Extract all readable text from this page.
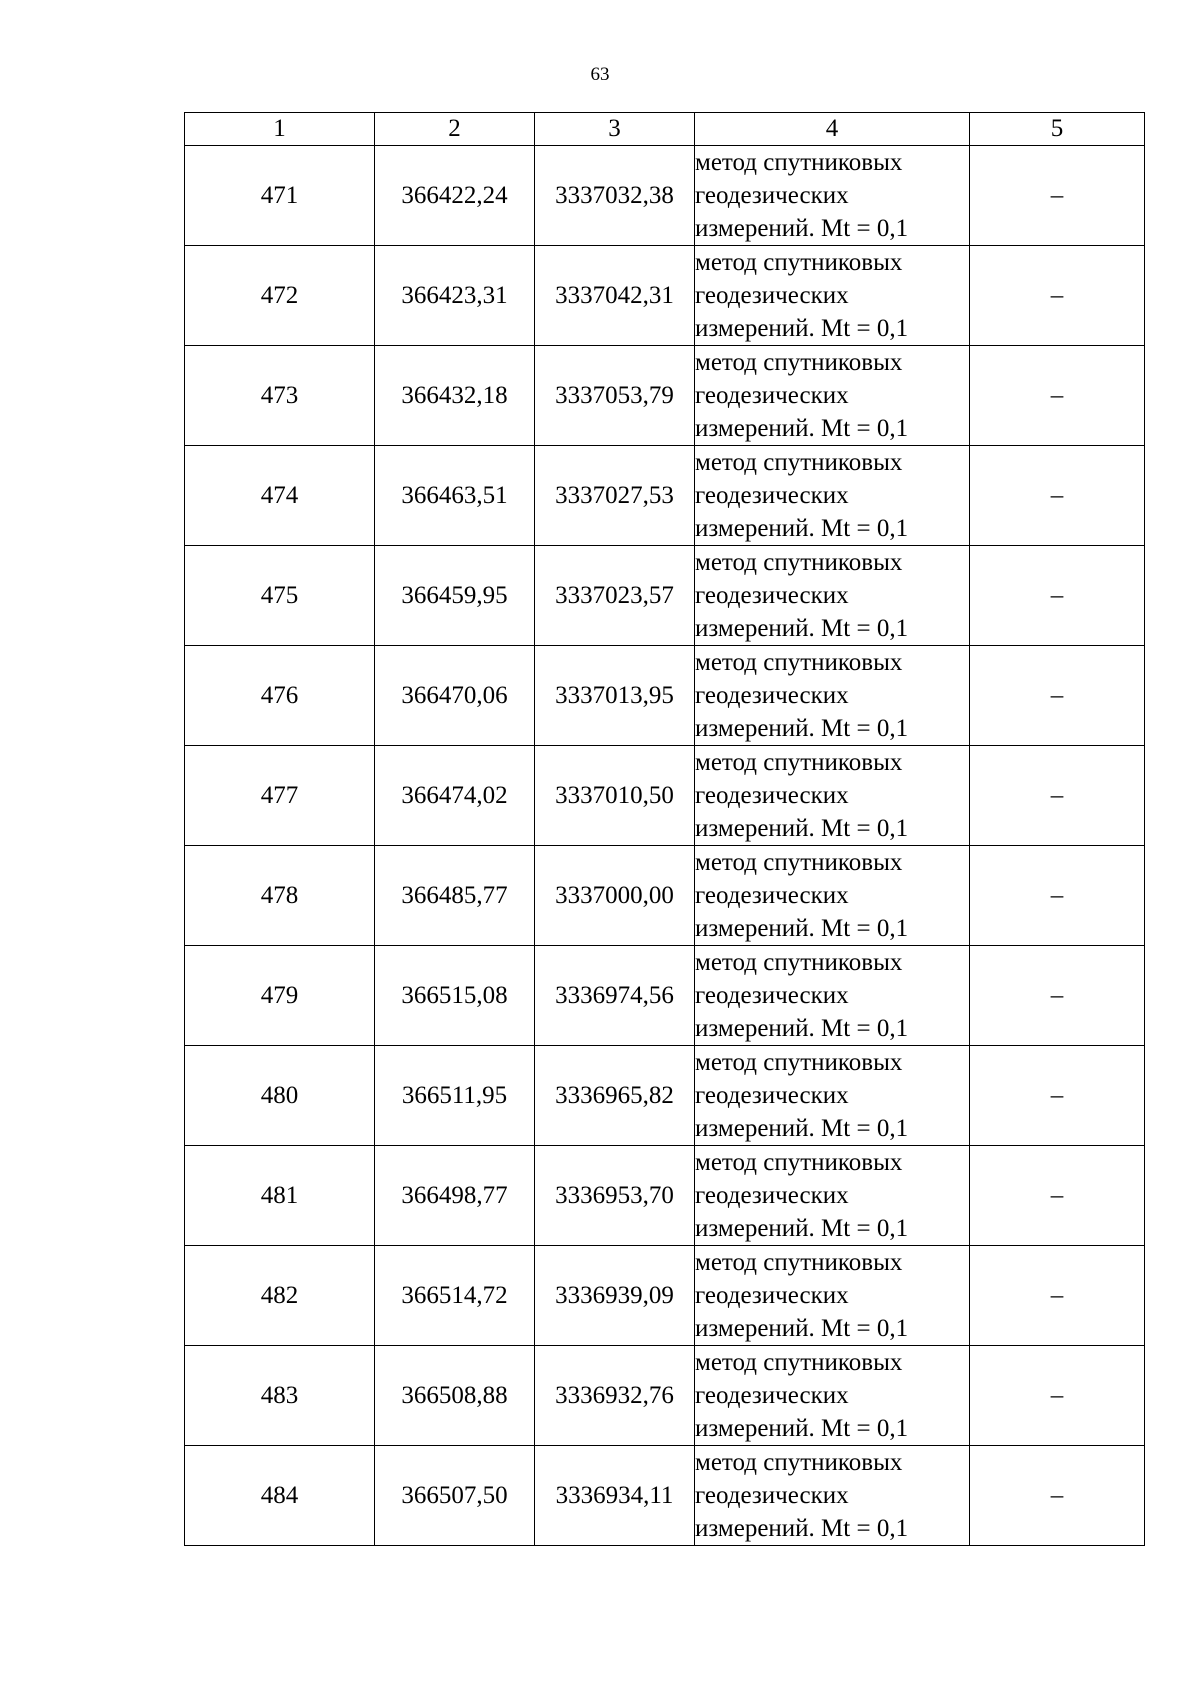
63
1	2	3	4	5
471	366422,24	3337032,38	метод спутниковых
геодезических
измерений. Mt = 0,1	–
472	366423,31	3337042,31	метод спутниковых
геодезических
измерений. Mt = 0,1	–
473	366432,18	3337053,79	метод спутниковых
геодезических
измерений. Mt = 0,1	–
474	366463,51	3337027,53	метод спутниковых
геодезических
измерений. Mt = 0,1	–
475	366459,95	3337023,57	метод спутниковых
геодезических
измерений. Mt = 0,1	–
476	366470,06	3337013,95	метод спутниковых
геодезических
измерений. Mt = 0,1	–
477	366474,02	3337010,50	метод спутниковых
геодезических
измерений. Mt = 0,1	–
478	366485,77	3337000,00	метод спутниковых
геодезических
измерений. Mt = 0,1	–
479	366515,08	3336974,56	метод спутниковых
геодезических
измерений. Mt = 0,1	–
480	366511,95	3336965,82	метод спутниковых
геодезических
измерений. Mt = 0,1	–
481	366498,77	3336953,70	метод спутниковых
геодезических
измерений. Mt = 0,1	–
482	366514,72	3336939,09	метод спутниковых
геодезических
измерений. Mt = 0,1	–
483	366508,88	3336932,76	метод спутниковых
геодезических
измерений. Mt = 0,1	–
484	366507,50	3336934,11	метод спутниковых
геодезических
измерений. Mt = 0,1	–
